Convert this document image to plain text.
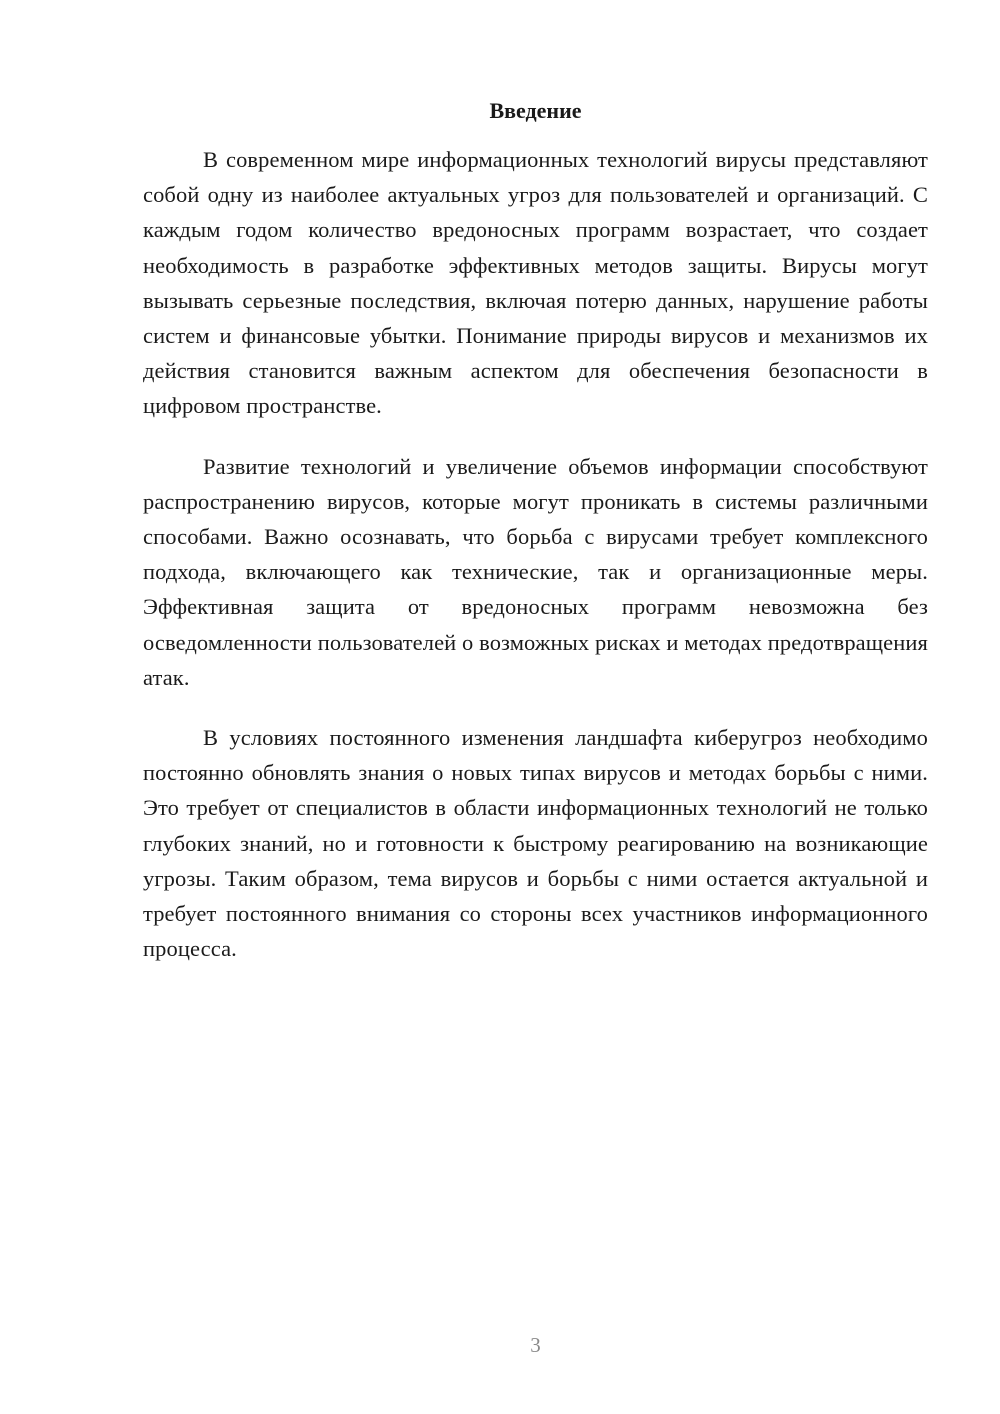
Введение

В современном мире информационных технологий вирусы представляют собой одну из наиболее актуальных угроз для пользователей и организаций. С каждым годом количество вредоносных программ возрастает, что создает необходимость в разработке эффективных методов защиты. Вирусы могут вызывать серьезные последствия, включая потерю данных, нарушение работы систем и финансовые убытки. Понимание природы вирусов и механизмов их действия становится важным аспектом для обеспечения безопасности в цифровом пространстве.

Развитие технологий и увеличение объемов информации способствуют распространению вирусов, которые могут проникать в системы различными способами. Важно осознавать, что борьба с вирусами требует комплексного подхода, включающего как технические, так и организационные меры. Эффективная защита от вредоносных программ невозможна без осведомленности пользователей о возможных рисках и методах предотвращения атак.

В условиях постоянного изменения ландшафта киберугроз необходимо постоянно обновлять знания о новых типах вирусов и методах борьбы с ними. Это требует от специалистов в области информационных технологий не только глубоких знаний, но и готовности к быстрому реагированию на возникающие угрозы. Таким образом, тема вирусов и борьбы с ними остается актуальной и требует постоянного внимания со стороны всех участников информационного процесса.

3
